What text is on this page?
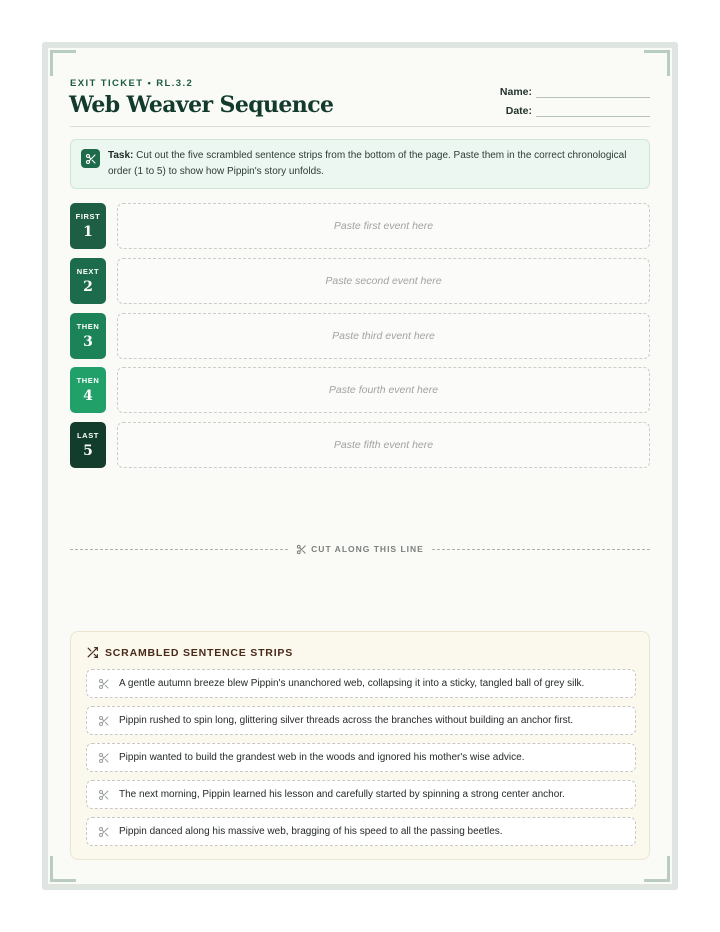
EXIT TICKET • RL.3.2
Web Weaver Sequence	Name:
Date:
Task: Cut out the five scrambled sentence strips from the bottom of the page. Paste them in the correct chronological order (1 to 5) to show how Pippin's story unfolds.
FIRST
1	Paste first event here
NEXT
2	Paste second event here
THEN
3	Paste third event here
THEN
4	Paste fourth event here
LAST
5	Paste fifth event here
CUT ALONG THIS LINE
SCRAMBLED SENTENCE STRIPS
A gentle autumn breeze blew Pippin's unanchored web, collapsing it into a sticky, tangled ball of grey silk.
Pippin rushed to spin long, glittering silver threads across the branches without building an anchor first.
Pippin wanted to build the grandest web in the woods and ignored his mother's wise advice.
The next morning, Pippin learned his lesson and carefully started by spinning a strong center anchor.
Pippin danced along his massive web, bragging of his speed to all the passing beetles.
